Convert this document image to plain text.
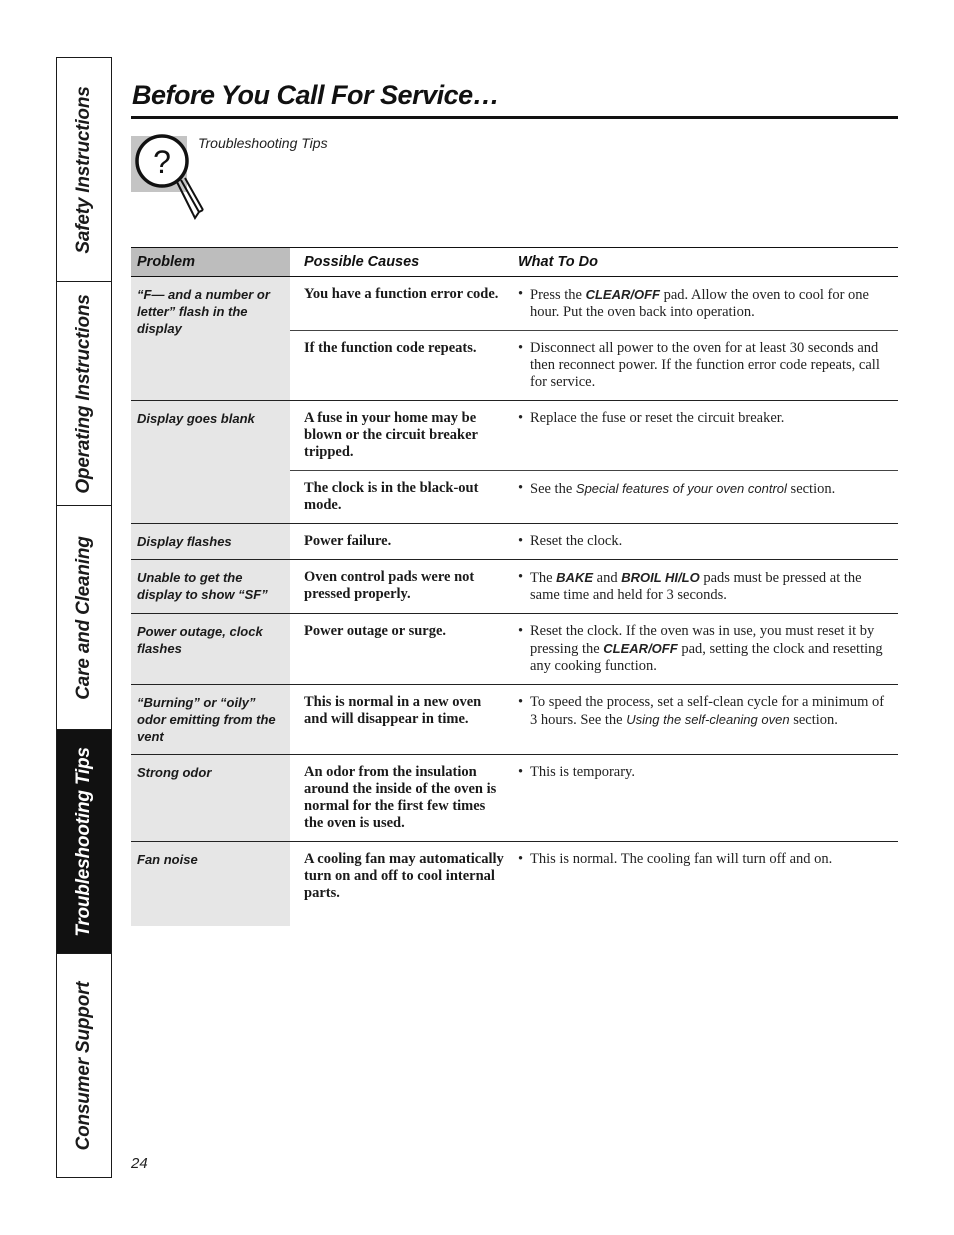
Safety Instructions
Operating Instructions
Care and Cleaning
Troubleshooting Tips
Consumer Support
Before You Call For Service…
?
Troubleshooting Tips
Problem	Possible Causes	What To Do
“F— and a number or letter” flash in the display	You have a function error code.	• Press the CLEAR/OFF pad. Allow the oven to cool for one hour. Put the oven back into operation.

	If the function code repeats.	• Disconnect all power to the oven for at least 30 seconds and then reconnect power. If the function error code repeats, call for service.

Display goes blank	A fuse in your home may be blown or the circuit breaker tripped.	• Replace the fuse or reset the circuit breaker.

	The clock is in the black-out mode.	• See the Special features of your oven control section.

Display flashes	Power failure.	• Reset the clock.

Unable to get the display to show “SF”	Oven control pads were not pressed properly.	• The BAKE and BROIL HI/LO pads must be pressed at the same time and held for 3 seconds.

Power outage, clock flashes	Power outage or surge.	• Reset the clock. If the oven was in use, you must reset it by pressing the CLEAR/OFF pad, setting the clock and resetting any cooking function.

“Burning” or “oily” odor emitting from the vent	This is normal in a new oven and will disappear in time.	• To speed the process, set a self-clean cycle for a minimum of 3 hours. See the Using the self-cleaning oven section.

Strong odor	An odor from the insulation around the inside of the oven is normal for the first few times the oven is used.	• This is temporary.

Fan noise	A cooling fan may automatically turn on and off to cool internal parts.	• This is normal. The cooling fan will turn off and on.
24
